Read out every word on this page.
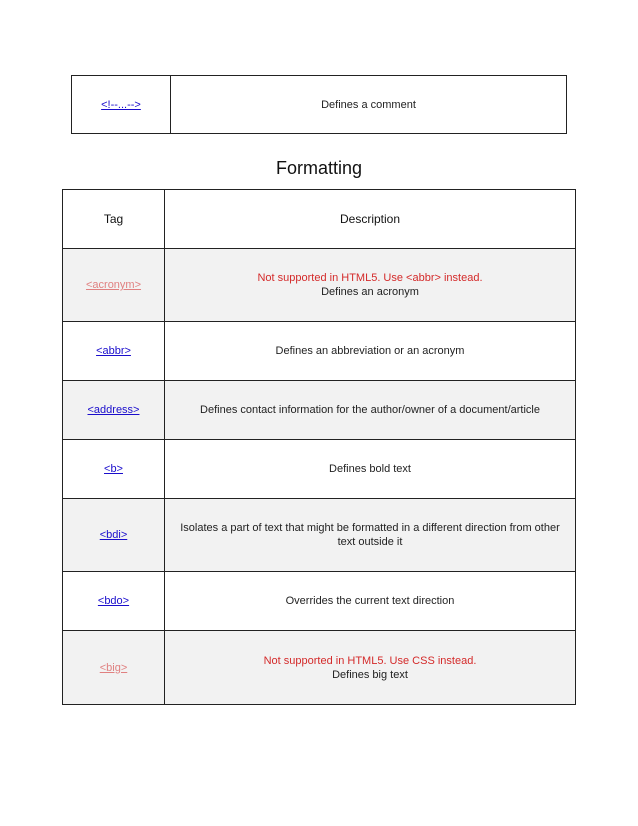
<!--...-->	Defines a comment
Formatting
Tag	Description
<acronym>	Not supported in HTML5. Use <abbr> instead.
Defines an acronym

<abbr>	Defines an abbreviation or an acronym
<address>	Defines contact information for the author/owner of a document/article
<b>	Defines bold text
<bdi>	Isolates a part of text that might be formatted in a different direction from other text outside it
<bdo>	Overrides the current text direction
<big>	Not supported in HTML5. Use CSS instead.
Defines big text
